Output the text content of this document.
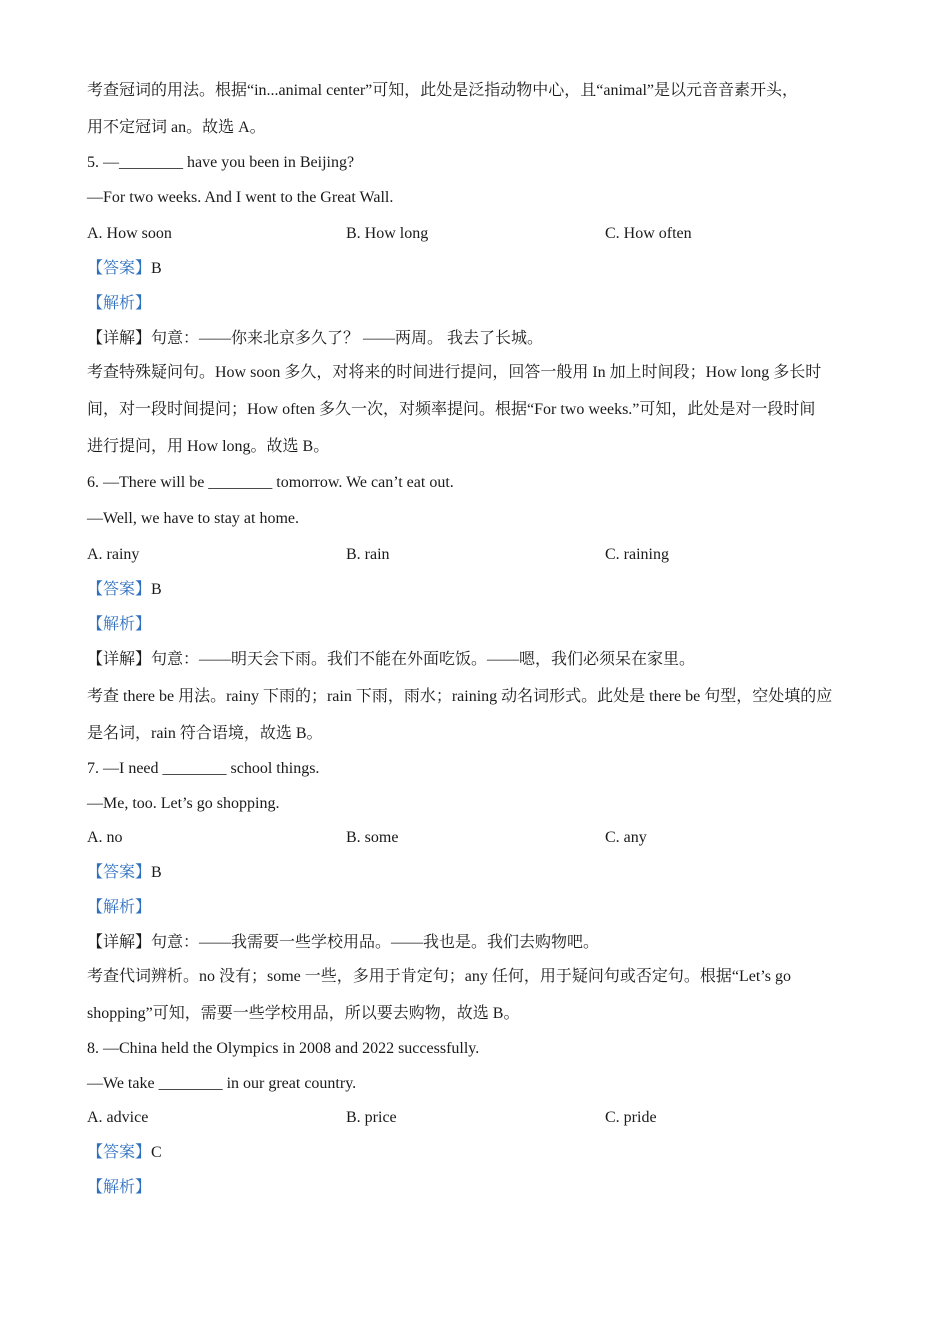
考查冠词的用法。根据“in...animal center”可知，此处是泛指动物中心，且“animal”是以元音音素开头，
用不定冠词 an。故选 A。
5. —________ have you been in Beijing?
—For two weeks. And I went to the Great Wall.
A. How soon	B. How long	C. How often
【答案】B
【解析】
【详解】句意：——你来北京多久了？ ——两周。 我去了长城。
考查特殊疑问句。How soon 多久，对将来的时间进行提问，回答一般用 In 加上时间段；How long 多长时
间，对一段时间提问；How often 多久一次，对频率提问。根据“For two weeks.”可知，此处是对一段时间
进行提问，用 How long。故选 B。
6. —There will be ________ tomorrow. We can’t eat out.
—Well, we have to stay at home.
A. rainy	B. rain	C. raining
【答案】B
【解析】
【详解】句意：——明天会下雨。我们不能在外面吃饭。——嗯，我们必须呆在家里。
考查 there be 用法。rainy 下雨的；rain 下雨，雨水；raining 动名词形式。此处是 there be 句型，空处填的应
是名词，rain 符合语境，故选 B。
7. —I need ________ school things.
—Me, too. Let’s go shopping.
A. no	B. some	C. any
【答案】B
【解析】
【详解】句意：——我需要一些学校用品。——我也是。我们去购物吧。
考查代词辨析。no 没有；some 一些，多用于肯定句；any 任何，用于疑问句或否定句。根据“Let’s go
shopping”可知，需要一些学校用品，所以要去购物，故选 B。
8. —China held the Olympics in 2008 and 2022 successfully.
—We take ________ in our great country.
A. advice	B. price	C. pride
【答案】C
【解析】
